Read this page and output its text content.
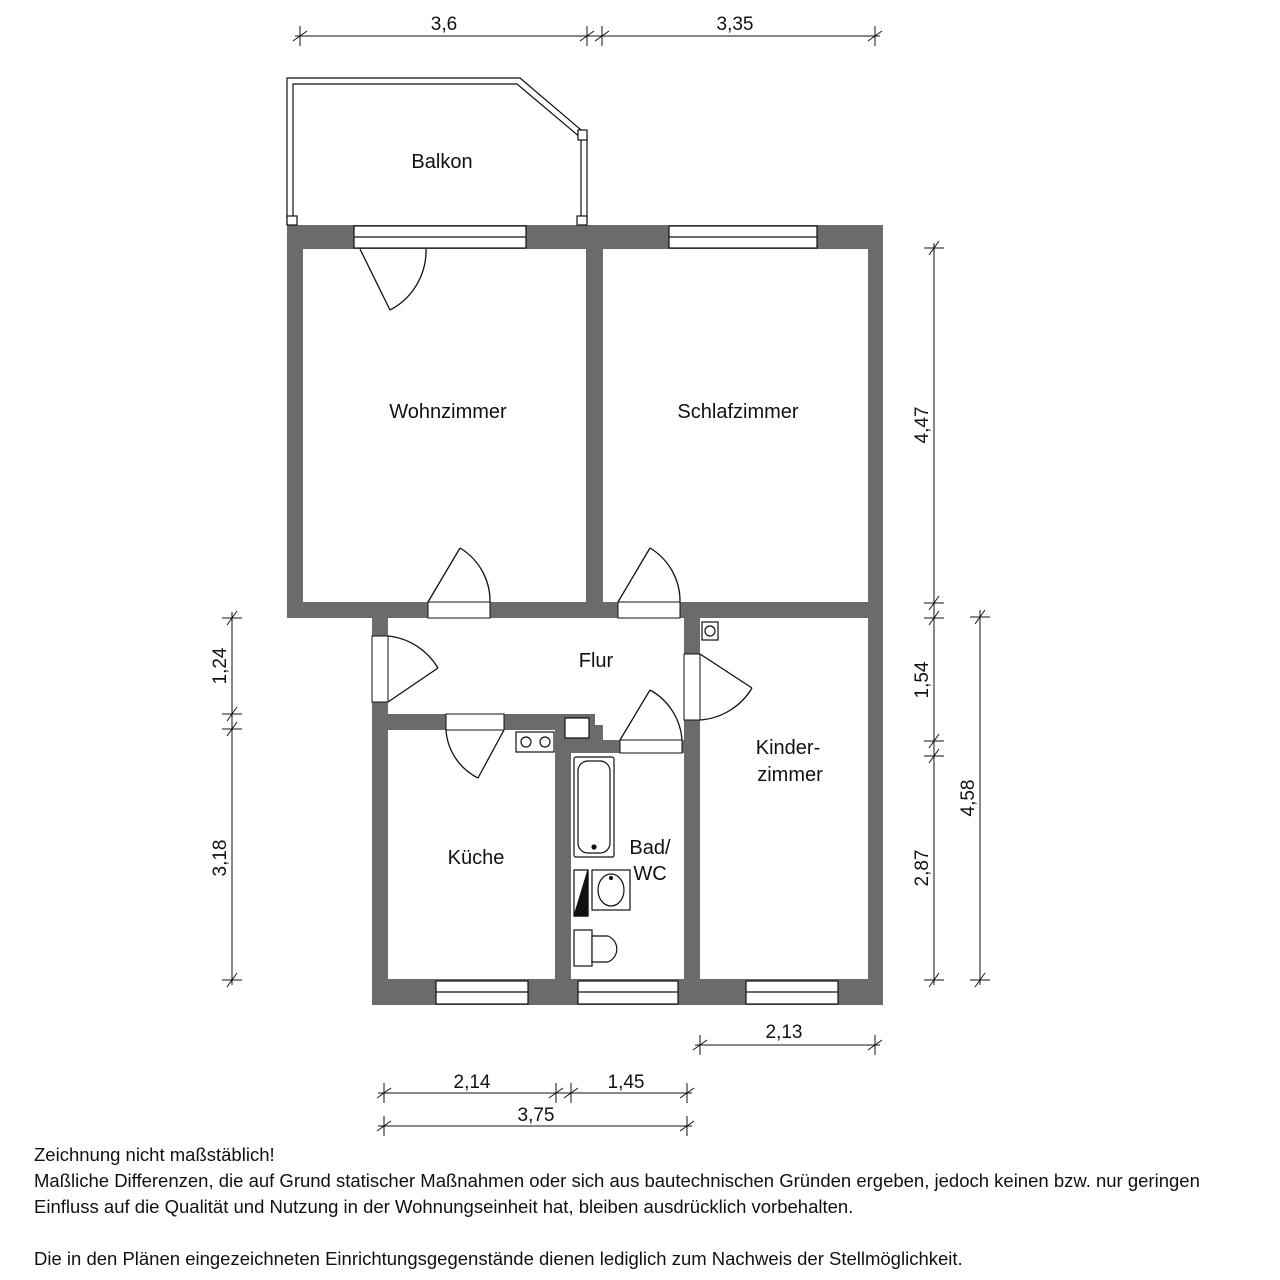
Balkon
Wohnzimmer	Schlafzimmer
Flur
Kinder-
zimmer
Küche	Bad/
WC
3,6	3,35
4,47
1,54
2,87
4,58
1,24
3,18
2,13
2,14	1,45
3,75

Zeichnung nicht maßstäblich!

Maßliche Differenzen, die auf Grund statischer Maßnahmen oder sich aus bautechnischen Gründen ergeben, jedoch keinen bzw. nur geringen Einfluss auf die Qualität und Nutzung in der Wohnungseinheit hat, bleiben ausdrücklich vorbehalten.

Die in den Plänen eingezeichneten Einrichtungsgegenstände dienen lediglich zum Nachweis der Stellmöglichkeit.
